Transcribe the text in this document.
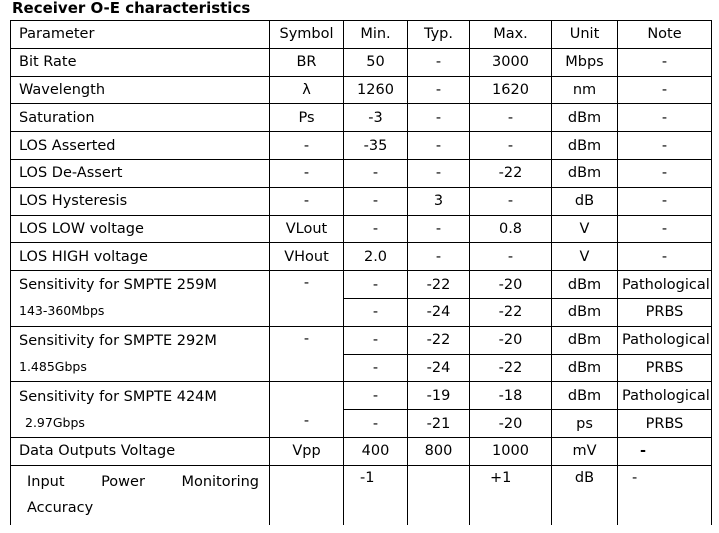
Receiver O-E characteristics
Parameter	Symbol	Min.	Typ.	Max.	Unit	Note
Bit Rate	BR	50	-	3000	Mbps	-
Wavelength	λ	1260	-	1620	nm	-
Saturation	Ps	-3	-	-	dBm	-
LOS Asserted	-	-35	-	-	dBm	-
LOS De-Assert	-	-	-	-22	dBm	-
LOS Hysteresis	-	-	3	-	dB	-
LOS LOW voltage	VLout	-	-	0.8	V	-
LOS HIGH voltage	VHout	2.0	-	-	V	-

Sensitivity for SMPTE 259M
143-360Mbps	-	-	-22	-20	dBm	Pathological
		-	-24	-22	dBm	PRBS

Sensitivity for SMPTE 292M
1.485Gbps	-	-	-22	-20	dBm	Pathological
		-	-24	-22	dBm	PRBS

Sensitivity for SMPTE 424M
2.97Gbps	-	-	-19	-18	dBm	Pathological
		-	-21	-20	ps	PRBS
Data Outputs Voltage	Vpp	400	800	1000	mV	-

Input Power Monitoring
Accuracy		-1		+1	dB	-
